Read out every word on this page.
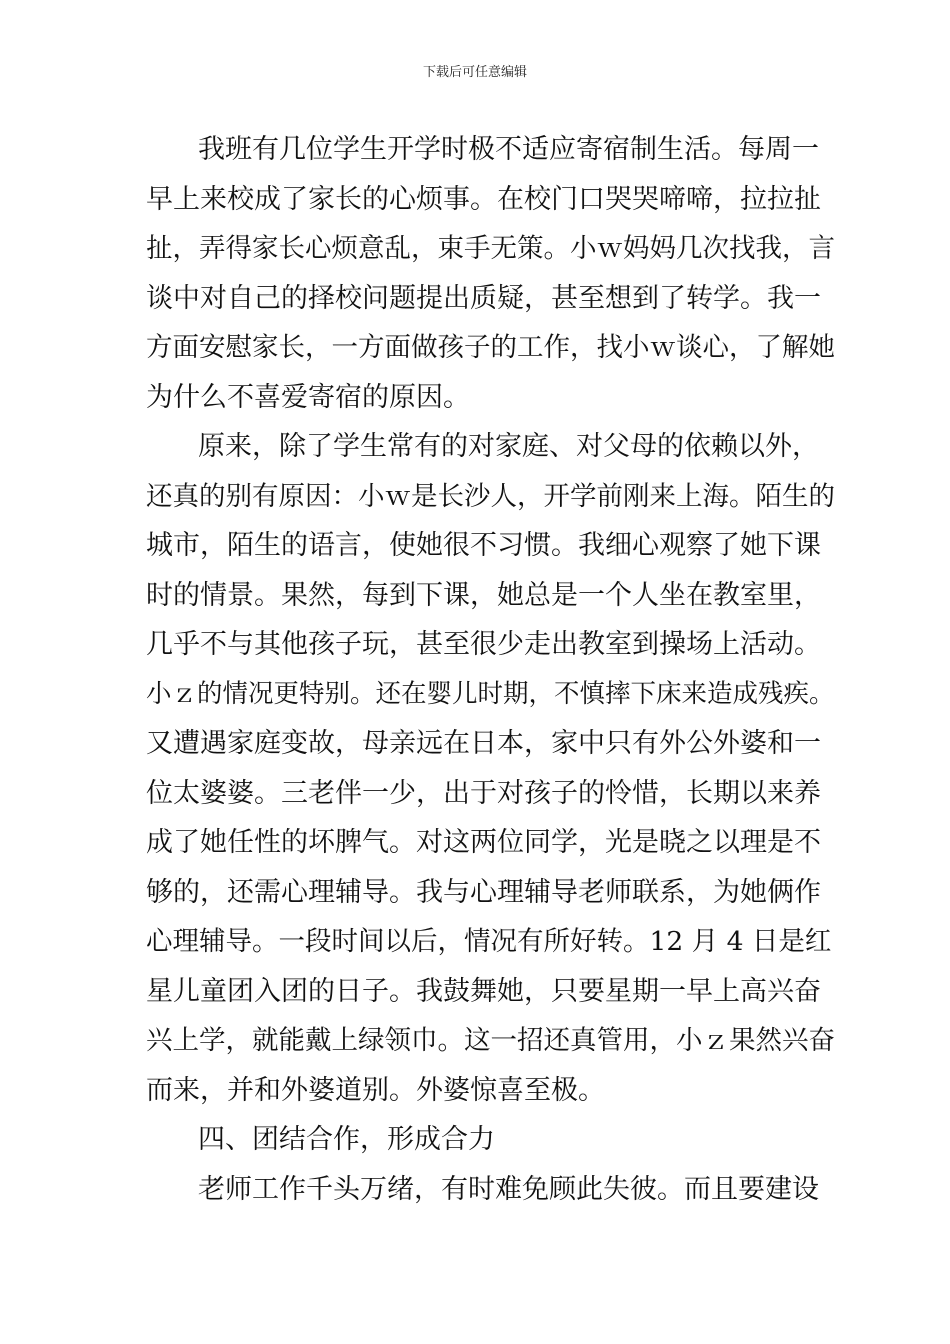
下载后可任意编辑
我班有几位学生开学时极不适应寄宿制生活。每周一
早上来校成了家长的心烦事。在校门口哭哭啼啼，拉拉扯
扯，弄得家长心烦意乱，束手无策。小ｗ妈妈几次找我，言
谈中对自己的择校问题提出质疑，甚至想到了转学。我一
方面安慰家长，一方面做孩子的工作，找小ｗ谈心，了解她
为什么不喜爱寄宿的原因。
原来，除了学生常有的对家庭、对父母的依赖以外，
还真的别有原因：小ｗ是长沙人，开学前刚来上海。陌生的
城市，陌生的语言，使她很不习惯。我细心观察了她下课
时的情景。果然，每到下课，她总是一个人坐在教室里，
几乎不与其他孩子玩，甚至很少走出教室到操场上活动。
小ｚ的情况更特别。还在婴儿时期，不慎摔下床来造成残疾。
又遭遇家庭变故，母亲远在日本，家中只有外公外婆和一
位太婆婆。三老伴一少，出于对孩子的怜惜，长期以来养
成了她任性的坏脾气。对这两位同学，光是晓之以理是不
够的，还需心理辅导。我与心理辅导老师联系，为她俩作
心理辅导。一段时间以后，情况有所好转。12 月 4 日是红
星儿童团入团的日子。我鼓舞她，只要星期一早上高兴奋
兴上学，就能戴上绿领巾。这一招还真管用，小ｚ果然兴奋
而来，并和外婆道别。外婆惊喜至极。
四、团结合作，形成合力
老师工作千头万绪，有时难免顾此失彼。而且要建设
